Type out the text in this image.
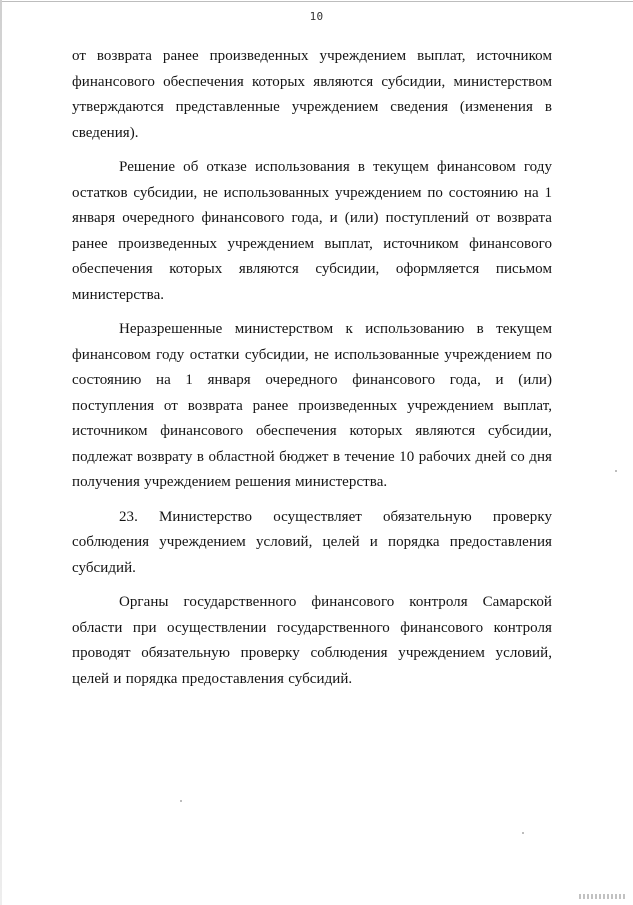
10

от возврата ранее произведенных учреждением выплат, источником финансового обеспечения которых являются субсидии, министерством утверждаются представленные учреждением сведения (изменения в сведения).

Решение об отказе использования в текущем финансовом году остатков субсидии, не использованных учреждением по состоянию на 1 января очередного финансового года, и (или) поступлений от возврата ранее произведенных учреждением выплат, источником финансового обеспечения которых являются субсидии, оформляется письмом министерства.

Неразрешенные министерством к использованию в текущем финансовом году остатки субсидии, не использованные учреждением по состоянию на 1 января очередного финансового года, и (или) поступления от возврата ранее произведенных учреждением выплат, источником финансового обеспечения которых являются субсидии, подлежат возврату в областной бюджет в течение 10 рабочих дней со дня получения учреждением решения министерства.

23. Министерство осуществляет обязательную проверку соблюдения учреждением условий, целей и порядка предоставления субсидий.

Органы государственного финансового контроля Самарской области при осуществлении государственного финансового контроля проводят обязательную проверку соблюдения учреждением условий, целей и порядка предоставления субсидий.
